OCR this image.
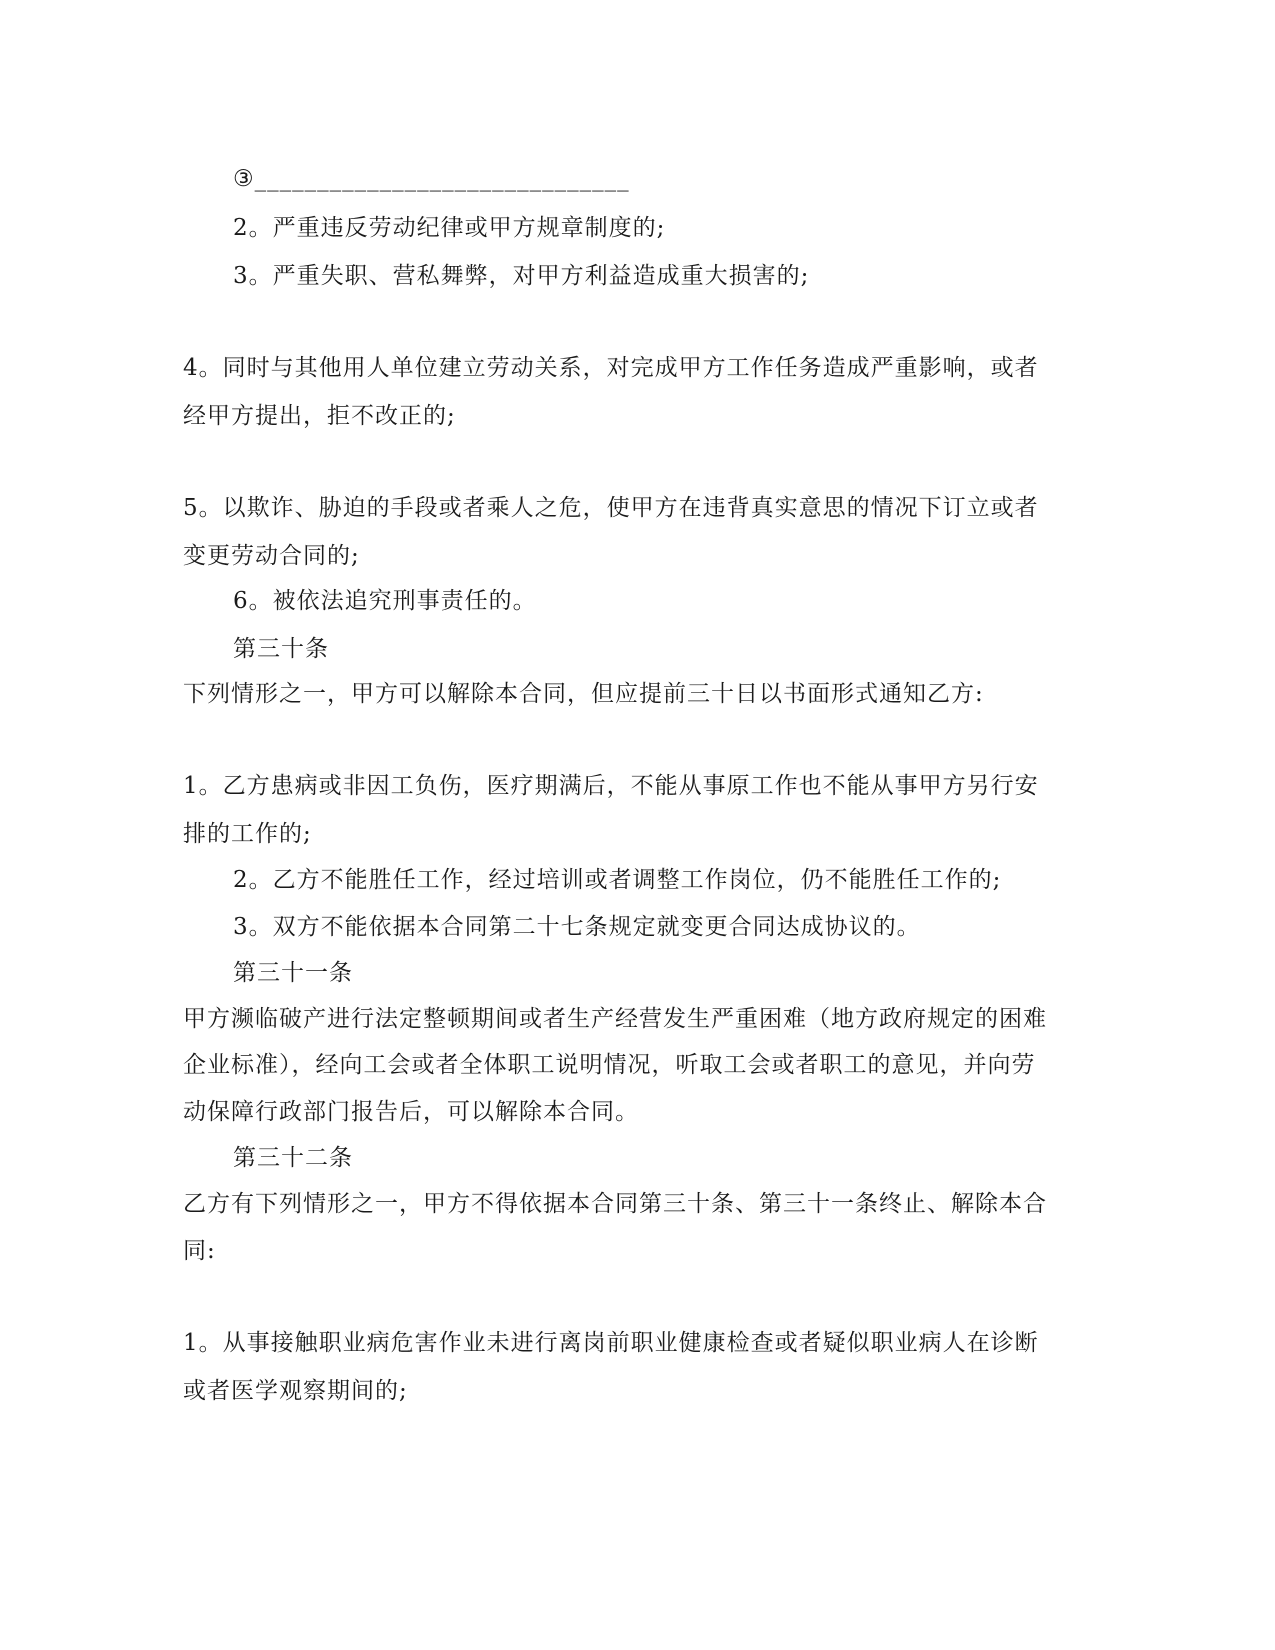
③______________________________
2。严重违反劳动纪律或甲方规章制度的;
3。严重失职、营私舞弊，对甲方利益造成重大损害的;
4。同时与其他用人单位建立劳动关系，对完成甲方工作任务造成严重影响，或者
经甲方提出，拒不改正的;
5。以欺诈、胁迫的手段或者乘人之危，使甲方在违背真实意思的情况下订立或者
变更劳动合同的;
6。被依法追究刑事责任的。
第三十条
下列情形之一，甲方可以解除本合同，但应提前三十日以书面形式通知乙方:
1。乙方患病或非因工负伤，医疗期满后，不能从事原工作也不能从事甲方另行安
排的工作的;
2。乙方不能胜任工作，经过培训或者调整工作岗位，仍不能胜任工作的;
3。双方不能依据本合同第二十七条规定就变更合同达成协议的。
第三十一条
甲方濒临破产进行法定整顿期间或者生产经营发生严重困难（地方政府规定的困难
企业标准），经向工会或者全体职工说明情况，听取工会或者职工的意见，并向劳
动保障行政部门报告后，可以解除本合同。
第三十二条
乙方有下列情形之一，甲方不得依据本合同第三十条、第三十一条终止、解除本合
同:
1。从事接触职业病危害作业未进行离岗前职业健康检查或者疑似职业病人在诊断
或者医学观察期间的;
